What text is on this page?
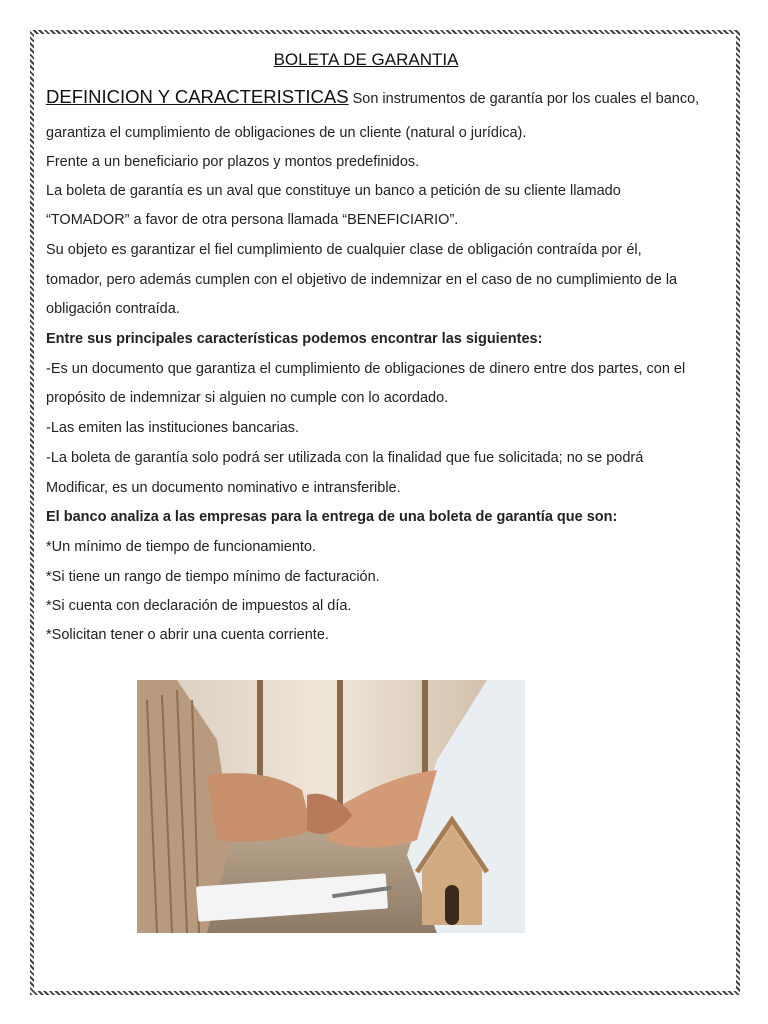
BOLETA DE GARANTIA
DEFINICION Y CARACTERISTICAS Son instrumentos de garantía por los cuales el banco,
garantiza el cumplimiento de obligaciones de un cliente (natural o jurídica).
Frente a un beneficiario por plazos y montos predefinidos.
La boleta de garantía es un aval que constituye un banco a petición de su cliente llamado
“TOMADOR” a favor de otra persona llamada “BENEFICIARIO”.
Su objeto es garantizar el fiel cumplimiento de cualquier clase de obligación contraída por él,
tomador, pero además cumplen con el objetivo de indemnizar en el caso de no cumplimiento de la
obligación contraída.
Entre sus principales características podemos encontrar las siguientes:
-Es un documento que garantiza el cumplimiento de obligaciones de dinero entre dos partes, con el
propósito de indemnizar si alguien no cumple con lo acordado.
-Las emiten las instituciones bancarias.
-La boleta de garantía solo podrá ser utilizada con la finalidad que fue solicitada; no se podrá
Modificar, es un documento nominativo e intransferible.
El banco analiza a las empresas para la entrega de una boleta de garantía que son:
*Un mínimo de tiempo de funcionamiento.
*Si tiene un rango de tiempo mínimo de facturación.
*Si cuenta con declaración de impuestos al día.
*Solicitan tener o abrir una cuenta corriente.
